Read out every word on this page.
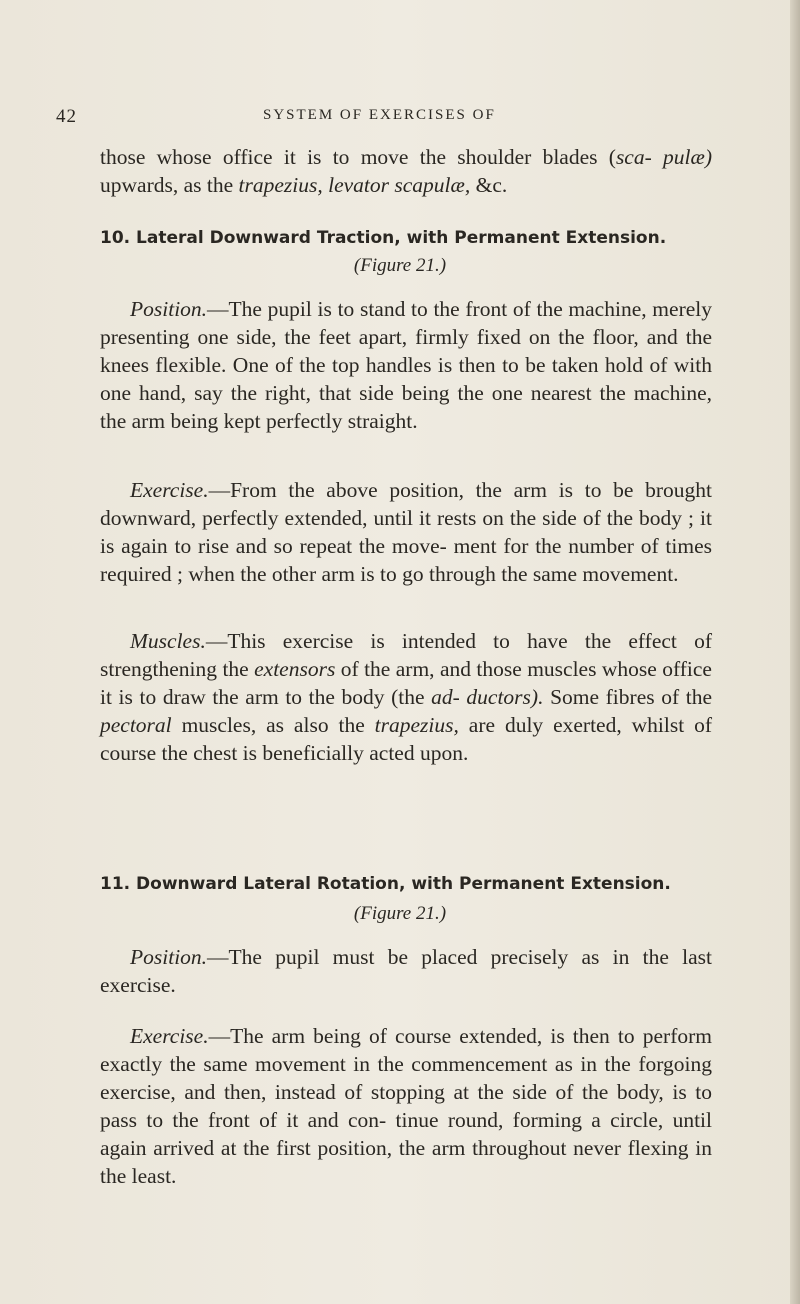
42	SYSTEM OF EXERCISES OF
those whose office it is to move the shoulder blades (sca- pulæ) upwards, as the trapezius, levator scapulæ, &c.
10. Lateral Downward Traction, with Permanent Extension.
(Figure 21.)
Position.—The pupil is to stand to the front of the machine, merely presenting one side, the feet apart, firmly fixed on the floor, and the knees flexible. One of the top handles is then to be taken hold of with one hand, say the right, that side being the one nearest the machine, the arm being kept perfectly straight.
Exercise.—From the above position, the arm is to be brought downward, perfectly extended, until it rests on the side of the body ; it is again to rise and so repeat the move- ment for the number of times required ; when the other arm is to go through the same movement.
Muscles.—This exercise is intended to have the effect of strengthening the extensors of the arm, and those muscles whose office it is to draw the arm to the body (the ad- ductors). Some fibres of the pectoral muscles, as also the trapezius, are duly exerted, whilst of course the chest is beneficially acted upon.
11. Downward Lateral Rotation, with Permanent Extension.
(Figure 21.)
Position.—The pupil must be placed precisely as in the last exercise.
Exercise.—The arm being of course extended, is then to perform exactly the same movement in the commencement as in the forgoing exercise, and then, instead of stopping at the side of the body, is to pass to the front of it and con- tinue round, forming a circle, until again arrived at the first position, the arm throughout never flexing in the least.
